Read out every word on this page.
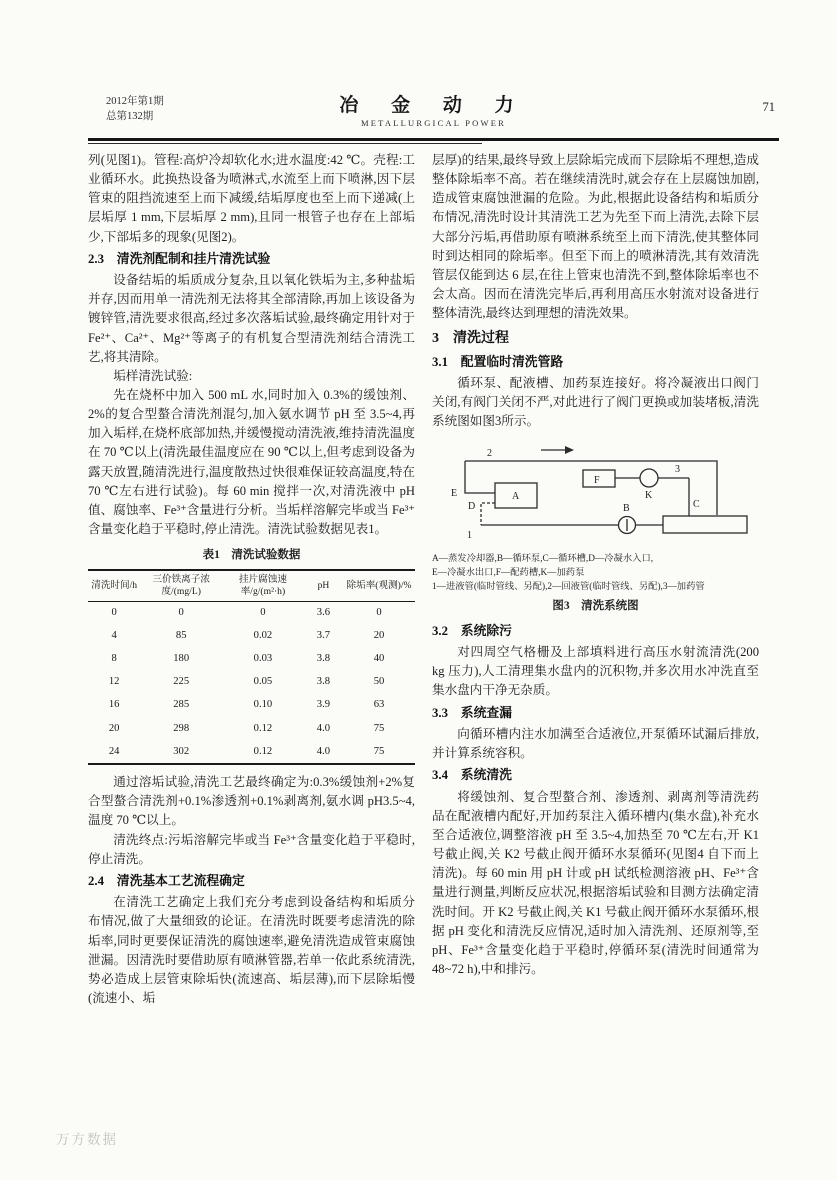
2012年第1期
总第132期
冶 金 动 力
METALLURGICAL POWER
71

列(见图1)。管程:高炉冷却软化水;进水温度:42 ℃。壳程:工业循环水。此换热设备为喷淋式,水流至上而下喷淋,因下层管束的阻挡流速至上而下减缓,结垢厚度也至上而下递减(上层垢厚 1 mm,下层垢厚 2 mm),且同一根管子也存在上部垢少,下部垢多的现象(见图2)。

2.3　清洗剂配制和挂片清洗试验

设备结垢的垢质成分复杂,且以氧化铁垢为主,多种盐垢并存,因而用单一清洗剂无法将其全部清除,再加上该设备为镀锌管,清洗要求很高,经过多次落垢试验,最终确定用针对于 Fe²⁺、Ca²⁺、Mg²⁺等离子的有机复合型清洗剂结合清洗工艺,将其清除。

垢样清洗试验:

先在烧杯中加入 500 mL 水,同时加入 0.3%的缓蚀剂、2%的复合型螯合清洗剂混匀,加入氨水调节 pH 至 3.5~4,再加入垢样,在烧杯底部加热,并缓慢搅动清洗液,维持清洗温度在 70 ℃以上(清洗最佳温度应在 90 ℃以上,但考虑到设备为露天放置,随清洗进行,温度散热过快很难保证较高温度,特在 70 ℃左右进行试验)。每 60 min 搅拌一次,对清洗液中 pH 值、腐蚀率、Fe³⁺含量进行分析。当垢样溶解完毕或当 Fe³⁺含量变化趋于平稳时,停止清洗。清洗试验数据见表1。

表1　清洗试验数据
清洗时间/h	三价铁离子浓度/(mg/L)	挂片腐蚀速率/g/(m²·h)	pH	除垢率(观测)/%
0	0	0	3.6	0
4	85	0.02	3.7	20
8	180	0.03	3.8	40
12	225	0.05	3.8	50
16	285	0.10	3.9	63
20	298	0.12	4.0	75
24	302	0.12	4.0	75

通过溶垢试验,清洗工艺最终确定为:0.3%缓蚀剂+2%复合型螯合清洗剂+0.1%渗透剂+0.1%剥离剂,氨水调 pH3.5~4,温度 70 ℃以上。

清洗终点:污垢溶解完毕或当 Fe³⁺含量变化趋于平稳时,停止清洗。

2.4　清洗基本工艺流程确定

在清洗工艺确定上我们充分考虑到设备结构和垢质分布情况,做了大量细致的论证。在清洗时既要考虑清洗的除垢率,同时更要保证清洗的腐蚀速率,避免清洗造成管束腐蚀泄漏。因清洗时要借助原有喷淋管器,若单一依此系统清洗,势必造成上层管束除垢快(流速高、垢层薄),而下层除垢慢(流速小、垢

层厚)的结果,最终导致上层除垢完成而下层除垢不理想,造成整体除垢率不高。若在继续清洗时,就会存在上层腐蚀加剧,造成管束腐蚀泄漏的危险。为此,根据此设备结构和垢质分布情况,清洗时设计其清洗工艺为先至下而上清洗,去除下层大部分污垢,再借助原有喷淋系统至上而下清洗,使其整体同时到达相同的除垢率。但至下而上的喷淋清洗,其有效清洗管层仅能到达 6 层,在往上管束也清洗不到,整体除垢率也不会太高。因而在清洗完毕后,再利用高压水射流对设备进行整体清洗,最终达到理想的清洗效果。

3　清洗过程
3.1　配置临时清洗管路

循环泵、配液槽、加药泵连接好。将冷凝液出口阀门关闭,有阀门关闭不严,对此进行了阀门更换或加装堵板,清洗系统图如图3所示。

2
E
D
A
1
B
F
K
3
C
A—蒸发冷却器,B—循环泵,C—循环槽,D—冷凝水入口,
E—冷凝水出口,F—配药槽,K—加药泵
1—进液管(临时管线、另配),2—回液管(临时管线、另配),3—加药管
图3　清洗系统图
3.2　系统除污

对四周空气格栅及上部填料进行高压水射流清洗(200 kg 压力),人工清理集水盘内的沉积物,并多次用水冲洗直至集水盘内干净无杂质。

3.3　系统查漏

向循环槽内注水加满至合适液位,开泵循环试漏后排放,并计算系统容积。

3.4　系统清洗

将缓蚀剂、复合型螯合剂、渗透剂、剥离剂等清洗药品在配液槽内配好,开加药泵注入循环槽内(集水盘),补充水至合适液位,调整溶液 pH 至 3.5~4,加热至 70 ℃左右,开 K1 号截止阀,关 K2 号截止阀开循环水泵循环(见图4 自下而上清洗)。每 60 min 用 pH 计或 pH 试纸检测溶液 pH、Fe³⁺含量进行测量,判断反应状况,根据溶垢试验和目测方法确定清洗时间。开 K2 号截止阀,关 K1 号截止阀开循环水泵循环,根据 pH 变化和清洗反应情况,适时加入清洗剂、还原剂等,至 pH、Fe³⁺含量变化趋于平稳时,停循环泵(清洗时间通常为 48~72 h),中和排污。

万方数据
